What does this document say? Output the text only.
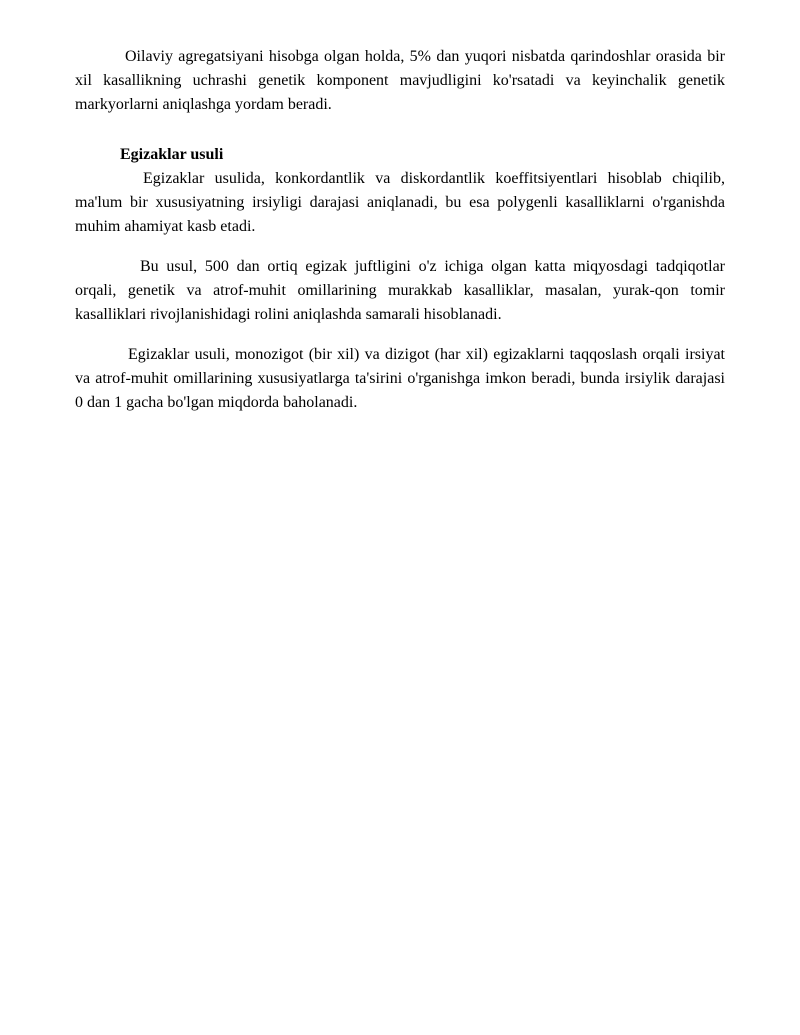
Oilaviy agregatsiyani hisobga olgan holda, 5% dan yuqori nisbatda qarindoshlar orasida bir xil kasallikning uchrashi genetik komponent mavjudligini ko'rsatadi va keyinchalik genetik markyorlarni aniqlashga yordam beradi.

Egizaklar usuli

Egizaklar usulida, konkordantlik va diskordantlik koeffitsiyentlari hisoblab chiqilib, ma'lum bir xususiyatning irsiyligi darajasi aniqlanadi, bu esa polygenli kasalliklarni o'rganishda muhim ahamiyat kasb etadi.

Bu usul, 500 dan ortiq egizak juftligini o'z ichiga olgan katta miqyosdagi tadqiqotlar orqali, genetik va atrof-muhit omillarining murakkab kasalliklar, masalan, yurak-qon tomir kasalliklari rivojlanishidagi rolini aniqlashda samarali hisoblanadi.

Egizaklar usuli, monozigot (bir xil) va dizigot (har xil) egizaklarni taqqoslash orqali irsiyat va atrof-muhit omillarining xususiyatlarga ta'sirini o'rganishga imkon beradi, bunda irsiylik darajasi 0 dan 1 gacha bo'lgan miqdorda baholanadi.
